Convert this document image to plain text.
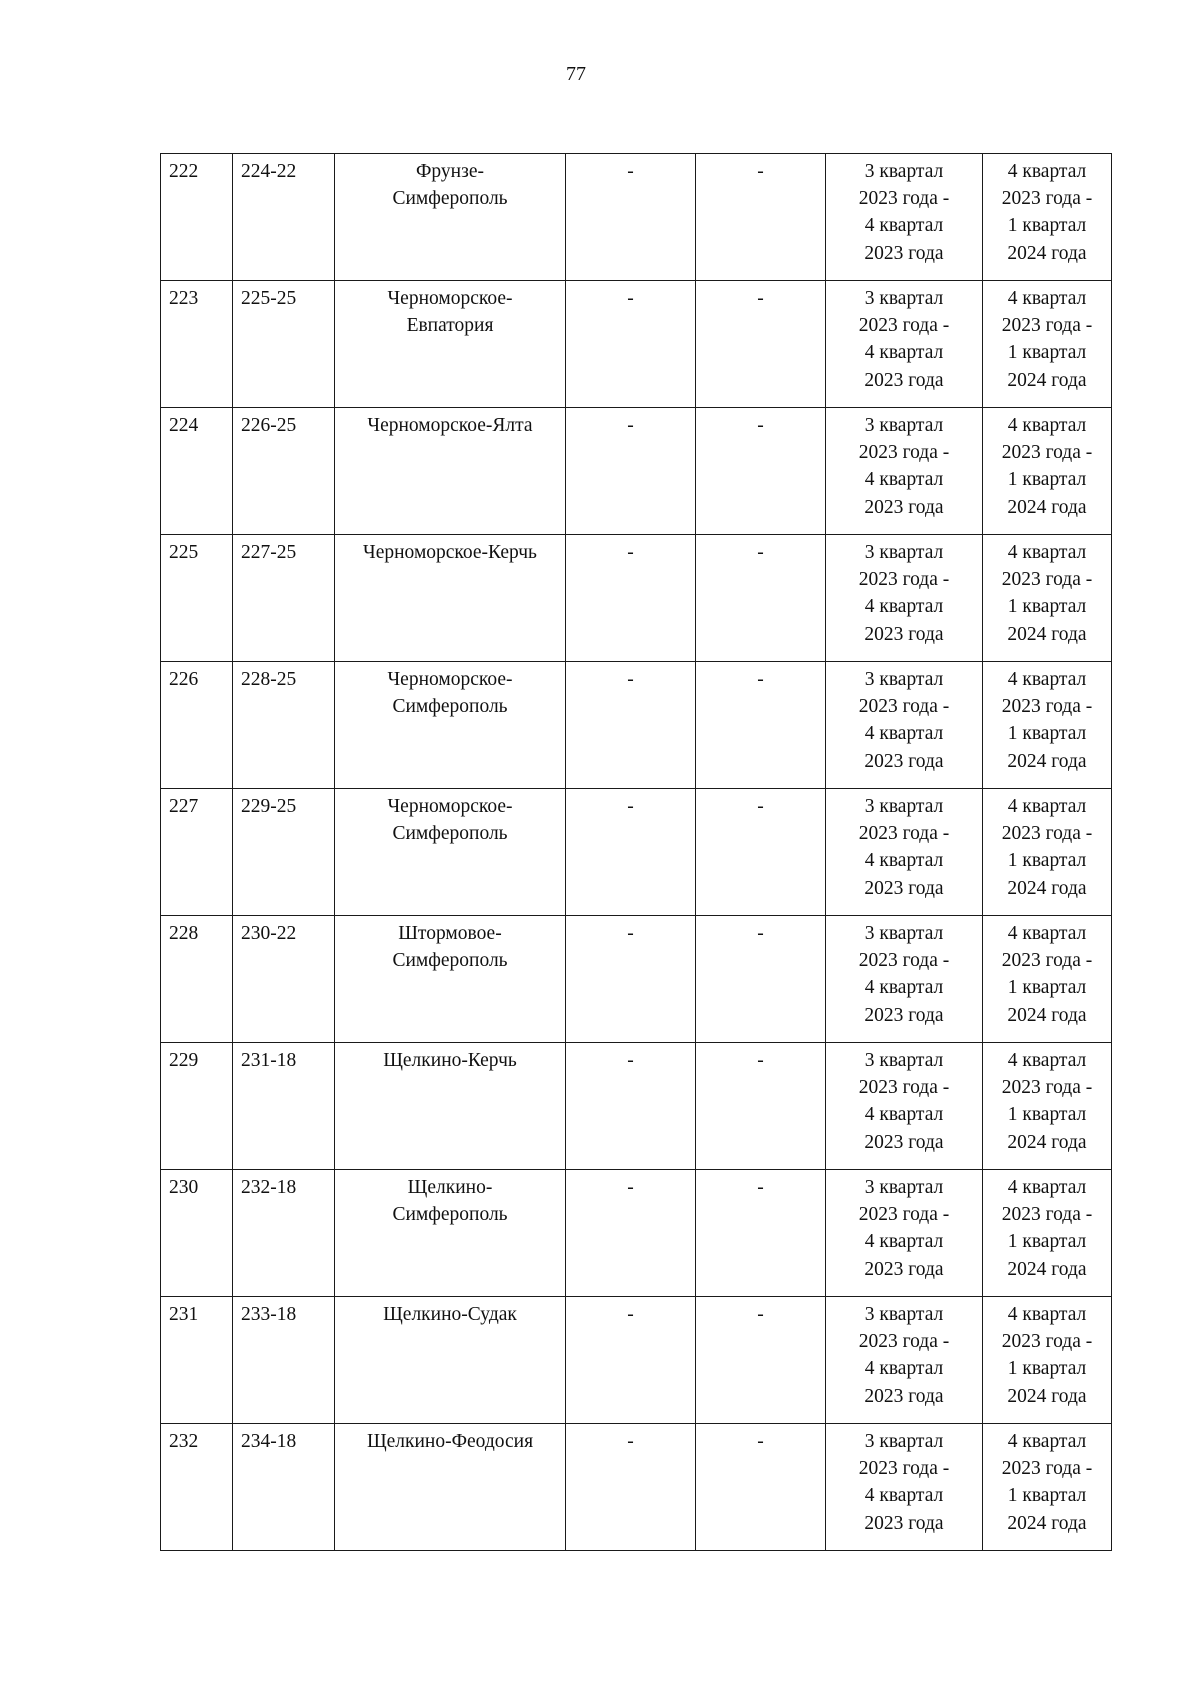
77
222	224-22	Фрунзе-
Симферополь	-	-	3 квартал
2023 года -
4 квартал
2023 года	4 квартал
2023 года -
1 квартал
2024 года

223	225-25	Черноморское-
Евпатория	-	-	3 квартал
2023 года -
4 квартал
2023 года	4 квартал
2023 года -
1 квартал
2024 года

224	226-25	Черноморское-Ялта	-	-	3 квартал
2023 года -
4 квартал
2023 года	4 квартал
2023 года -
1 квартал
2024 года

225	227-25	Черноморское-Керчь	-	-	3 квартал
2023 года -
4 квартал
2023 года	4 квартал
2023 года -
1 квартал
2024 года

226	228-25	Черноморское-
Симферополь	-	-	3 квартал
2023 года -
4 квартал
2023 года	4 квартал
2023 года -
1 квартал
2024 года

227	229-25	Черноморское-
Симферополь	-	-	3 квартал
2023 года -
4 квартал
2023 года	4 квартал
2023 года -
1 квартал
2024 года

228	230-22	Штормовое-
Симферополь	-	-	3 квартал
2023 года -
4 квартал
2023 года	4 квартал
2023 года -
1 квартал
2024 года

229	231-18	Щелкино-Керчь	-	-	3 квартал
2023 года -
4 квартал
2023 года	4 квартал
2023 года -
1 квартал
2024 года

230	232-18	Щелкино-
Симферополь	-	-	3 квартал
2023 года -
4 квартал
2023 года	4 квартал
2023 года -
1 квартал
2024 года

231	233-18	Щелкино-Судак	-	-	3 квартал
2023 года -
4 квартал
2023 года	4 квартал
2023 года -
1 квартал
2024 года

232	234-18	Щелкино-Феодосия	-	-	3 квартал
2023 года -
4 квартал
2023 года	4 квартал
2023 года -
1 квартал
2024 года
